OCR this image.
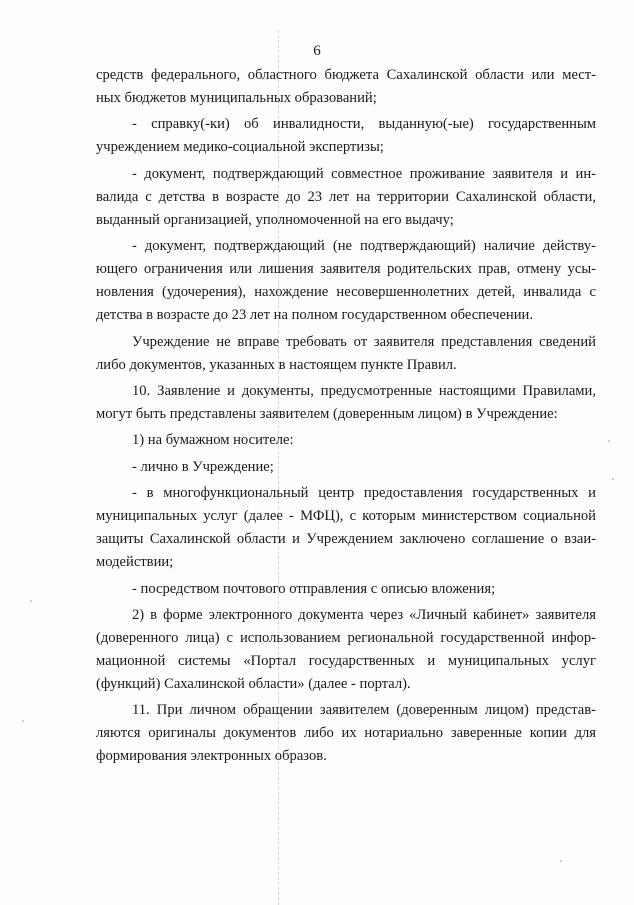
6
средств федерального, областного бюджета Сахалинской области или мест-
ных бюджетов муниципальных образований;
- справку(-ки) об инвалидности, выданную(-ые) государственным
учреждением медико-социальной экспертизы;
- документ, подтверждающий совместное проживание заявителя и ин-
валида с детства в возрасте до 23 лет на территории Сахалинской области,
выданный организацией, уполномоченной на его выдачу;
- документ, подтверждающий (не подтверждающий) наличие действу-
ющего ограничения или лишения заявителя родительских прав, отмену усы-
новления (удочерения), нахождение несовершеннолетних детей, инвалида с
детства в возрасте до 23 лет на полном государственном обеспечении.
Учреждение не вправе требовать от заявителя представления сведений
либо документов, указанных в настоящем пункте Правил.
10. Заявление и документы, предусмотренные настоящими Правилами,
могут быть представлены заявителем (доверенным лицом) в Учреждение:
1) на бумажном носителе:
- лично в Учреждение;
- в многофункциональный центр предоставления государственных и
муниципальных услуг (далее - МФЦ), с которым министерством социальной
защиты Сахалинской области и Учреждением заключено соглашение о взаи-
модействии;
- посредством почтового отправления с описью вложения;
2) в форме электронного документа через «Личный кабинет» заявителя
(доверенного лица) с использованием региональной государственной инфор-
мационной системы «Портал государственных и муниципальных услуг
(функций) Сахалинской области» (далее - портал).
11. При личном обращении заявителем (доверенным лицом) представ-
ляются оригиналы документов либо их нотариально заверенные копии для
формирования электронных образов.
